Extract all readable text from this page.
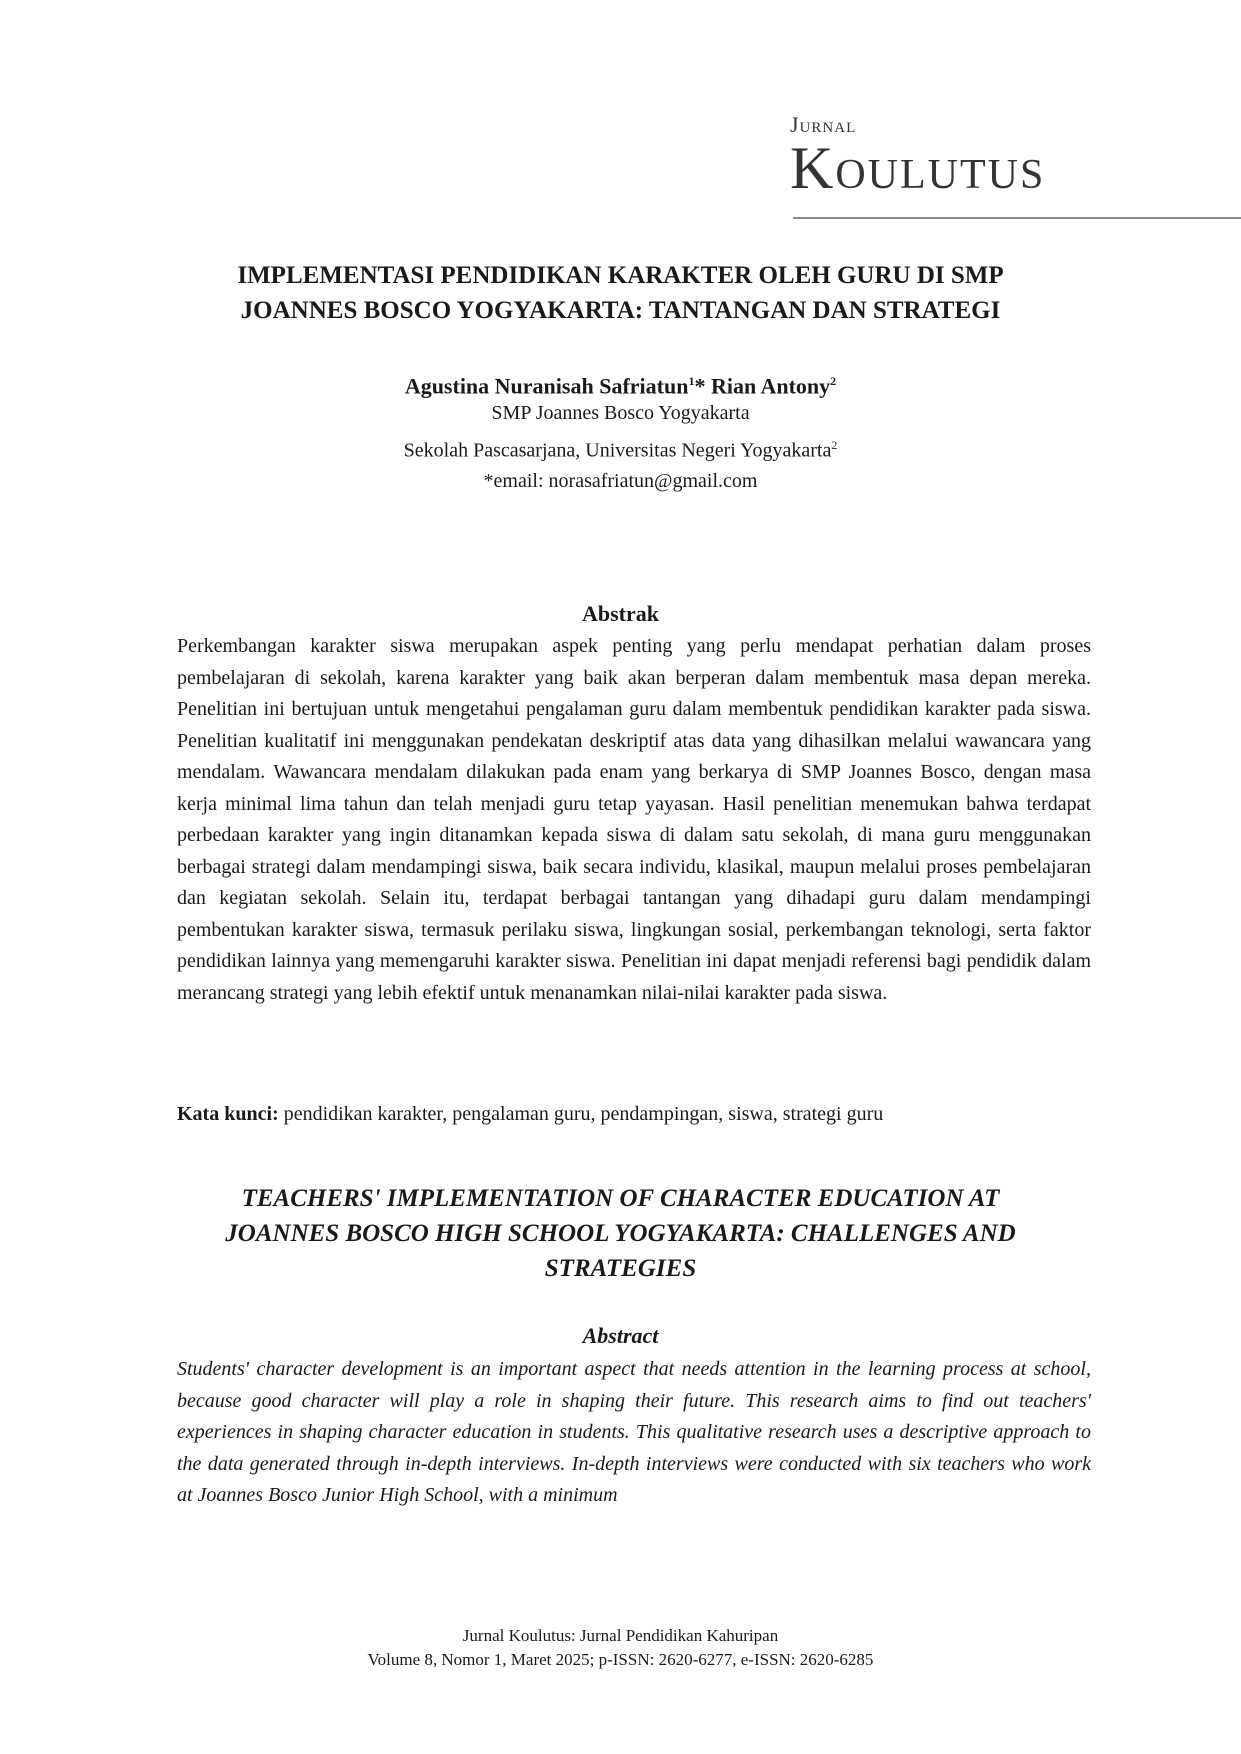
Jurnal
Koulutus
IMPLEMENTASI PENDIDIKAN KARAKTER OLEH GURU DI SMP
JOANNES BOSCO YOGYAKARTA: TANTANGAN DAN STRATEGI
Agustina Nuranisah Safriatun$^1$* Rian Antony$^2$
SMP Joannes Bosco Yogyakarta
Sekolah Pascasarjana, Universitas Negeri Yogyakarta$^2$
*email: norasafriatun@gmail.com
Abstrak
Perkembangan karakter siswa merupakan aspek penting yang perlu mendapat perhatian dalam proses pembelajaran di sekolah, karena karakter yang baik akan berperan dalam membentuk masa depan mereka. Penelitian ini bertujuan untuk mengetahui pengalaman guru dalam membentuk pendidikan karakter pada siswa. Penelitian kualitatif ini menggunakan pendekatan deskriptif atas data yang dihasilkan melalui wawancara yang mendalam. Wawancara mendalam dilakukan pada enam yang berkarya di SMP Joannes Bosco, dengan masa kerja minimal lima tahun dan telah menjadi guru tetap yayasan. Hasil penelitian menemukan bahwa terdapat perbedaan karakter yang ingin ditanamkan kepada siswa di dalam satu sekolah, di mana guru menggunakan berbagai strategi dalam mendampingi siswa, baik secara individu, klasikal, maupun melalui proses pembelajaran dan kegiatan sekolah. Selain itu, terdapat berbagai tantangan yang dihadapi guru dalam mendampingi pembentukan karakter siswa, termasuk perilaku siswa, lingkungan sosial, perkembangan teknologi, serta faktor pendidikan lainnya yang memengaruhi karakter siswa. Penelitian ini dapat menjadi referensi bagi pendidik dalam merancang strategi yang lebih efektif untuk menanamkan nilai-nilai karakter pada siswa.
Kata kunci: pendidikan karakter, pengalaman guru, pendampingan, siswa, strategi guru
TEACHERS' IMPLEMENTATION OF CHARACTER EDUCATION AT
JOANNES BOSCO HIGH SCHOOL YOGYAKARTA: CHALLENGES AND
STRATEGIES
Abstract
Students' character development is an important aspect that needs attention in the learning process at school, because good character will play a role in shaping their future. This research aims to find out teachers' experiences in shaping character education in students. This qualitative research uses a descriptive approach to the data generated through in-depth interviews. In-depth interviews were conducted with six teachers who work at Joannes Bosco Junior High School, with a minimum
Jurnal Koulutus: Jurnal Pendidikan Kahuripan
Volume 8, Nomor 1, Maret 2025; p-ISSN: 2620-6277, e-ISSN: 2620-6285
